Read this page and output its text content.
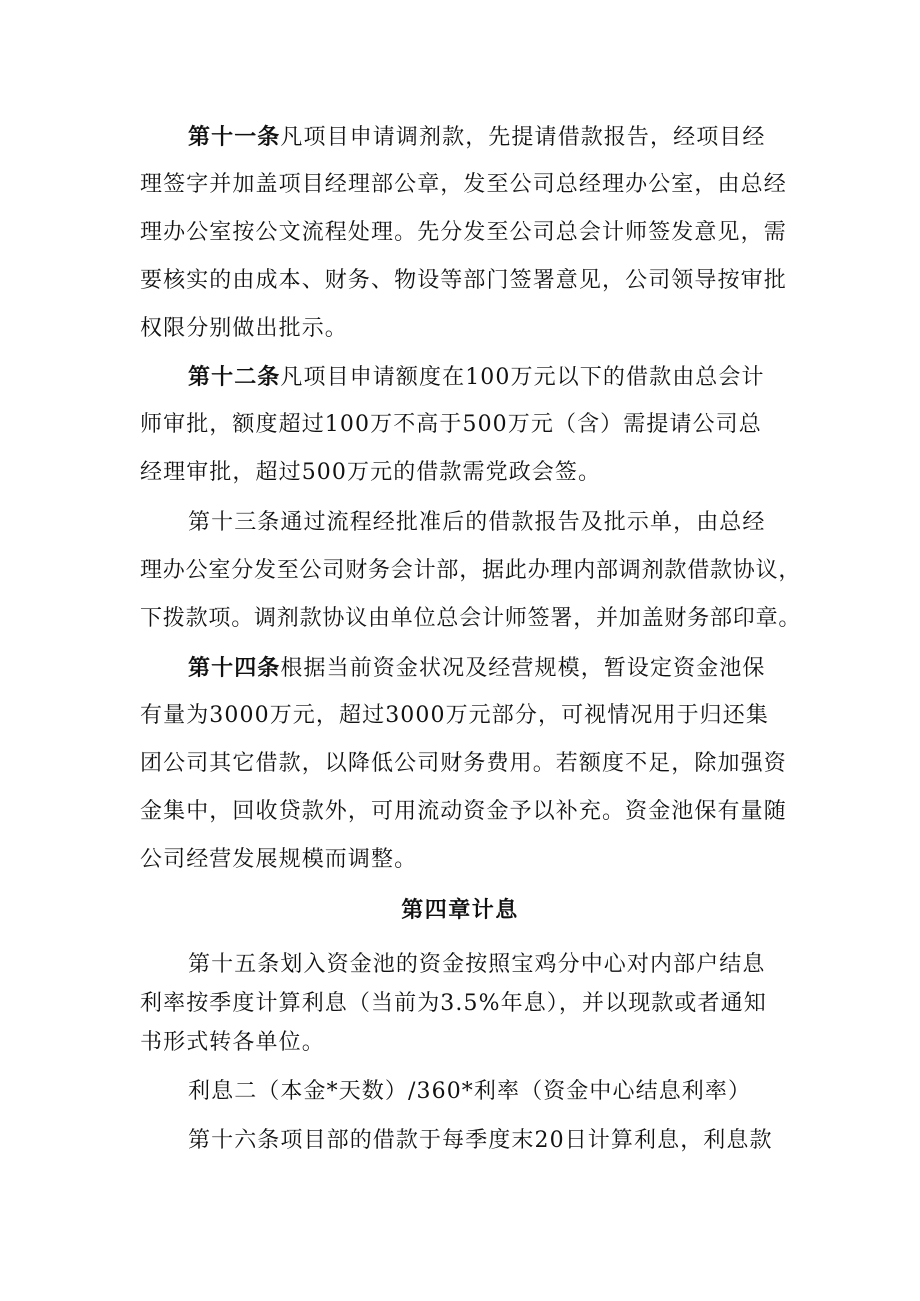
第十一条凡项目申请调剂款，先提请借款报告，经项目经
理签字并加盖项目经理部公章，发至公司总经理办公室，由总经
理办公室按公文流程处理。先分发至公司总会计师签发意见，需
要核实的由成本、财务、物设等部门签署意见，公司领导按审批
权限分别做出批示。
第十二条凡项目申请额度在100万元以下的借款由总会计
师审批，额度超过100万不高于500万元（含）需提请公司总
经理审批，超过500万元的借款需党政会签。
第十三条通过流程经批准后的借款报告及批示单，由总经
理办公室分发至公司财务会计部，据此办理内部调剂款借款协议，
下拨款项。调剂款协议由单位总会计师签署，并加盖财务部印章。
第十四条根据当前资金状况及经营规模，暂设定资金池保
有量为3000万元，超过3000万元部分，可视情况用于归还集
团公司其它借款，以降低公司财务费用。若额度不足，除加强资
金集中，回收贷款外，可用流动资金予以补充。资金池保有量随
公司经营发展规模而调整。
第四章计息
第十五条划入资金池的资金按照宝鸡分中心对内部户结息
利率按季度计算利息（当前为3.5%年息），并以现款或者通知
书形式转各单位。
利息二（本金*天数）/360*利率（资金中心结息利率）
第十六条项目部的借款于每季度末20日计算利息，利息款
